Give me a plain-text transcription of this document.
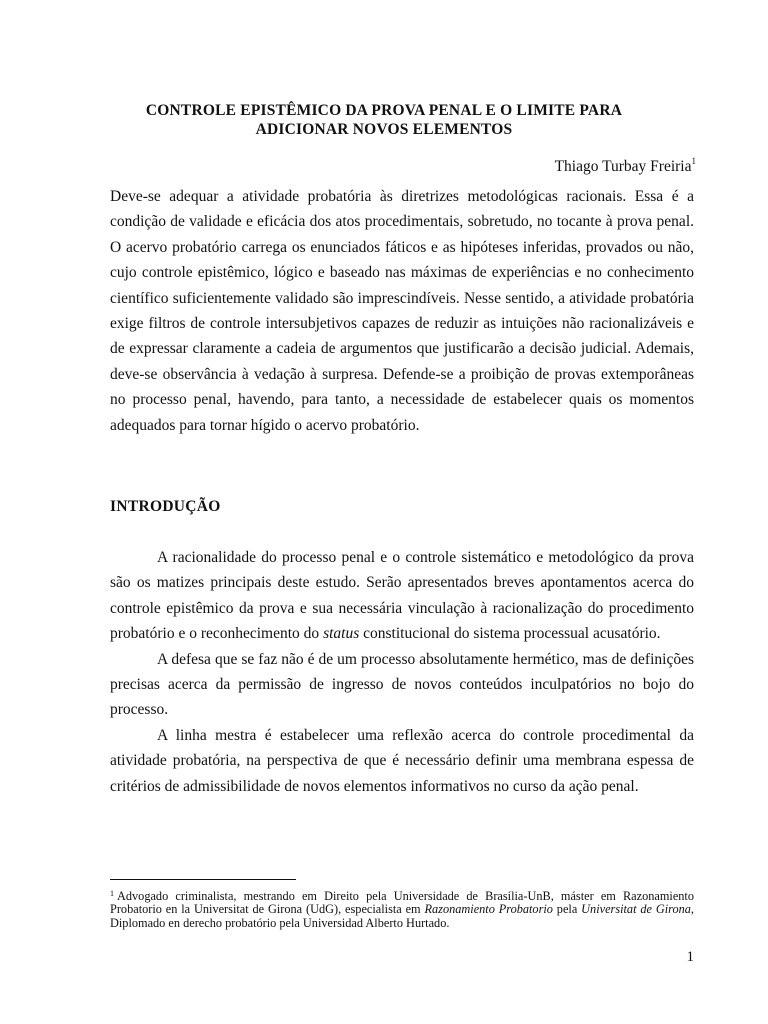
CONTROLE EPISTÊMICO DA PROVA PENAL E O LIMITE PARA
ADICIONAR NOVOS ELEMENTOS
Thiago Turbay Freiria$^1$
Deve-se adequar a atividade probatória às diretrizes metodológicas racionais. Essa é a condição de validade e eficácia dos atos procedimentais, sobretudo, no tocante à prova penal. O acervo probatório carrega os enunciados fáticos e as hipóteses inferidas, provados ou não, cujo controle epistêmico, lógico e baseado nas máximas de experiências e no conhecimento científico suficientemente validado são imprescindíveis. Nesse sentido, a atividade probatória exige filtros de controle intersubjetivos capazes de reduzir as intuições não racionalizáveis e de expressar claramente a cadeia de argumentos que justificarão a decisão judicial. Ademais, deve-se observância à vedação à surpresa. Defende-se a proibição de provas extemporâneas no processo penal, havendo, para tanto, a necessidade de estabelecer quais os momentos adequados para tornar hígido o acervo probatório.
INTRODUÇÃO

A racionalidade do processo penal e o controle sistemático e metodológico da prova são os matizes principais deste estudo. Serão apresentados breves apontamentos acerca do controle epistêmico da prova e sua necessária vinculação à racionalização do procedimento probatório e o reconhecimento do status constitucional do sistema processual acusatório.

A defesa que se faz não é de um processo absolutamente hermético, mas de definições precisas acerca da permissão de ingresso de novos conteúdos inculpatórios no bojo do processo.

A linha mestra é estabelecer uma reflexão acerca do controle procedimental da atividade probatória, na perspectiva de que é necessário definir uma membrana espessa de critérios de admissibilidade de novos elementos informativos no curso da ação penal.

$^1$ Advogado criminalista, mestrando em Direito pela Universidade de Brasília-UnB, máster em Razonamiento Probatorio en la Universitat de Girona (UdG), especialista em Razonamiento Probatorio pela Universitat de Girona, Diplomado en derecho probatório pela Universidad Alberto Hurtado.
1
